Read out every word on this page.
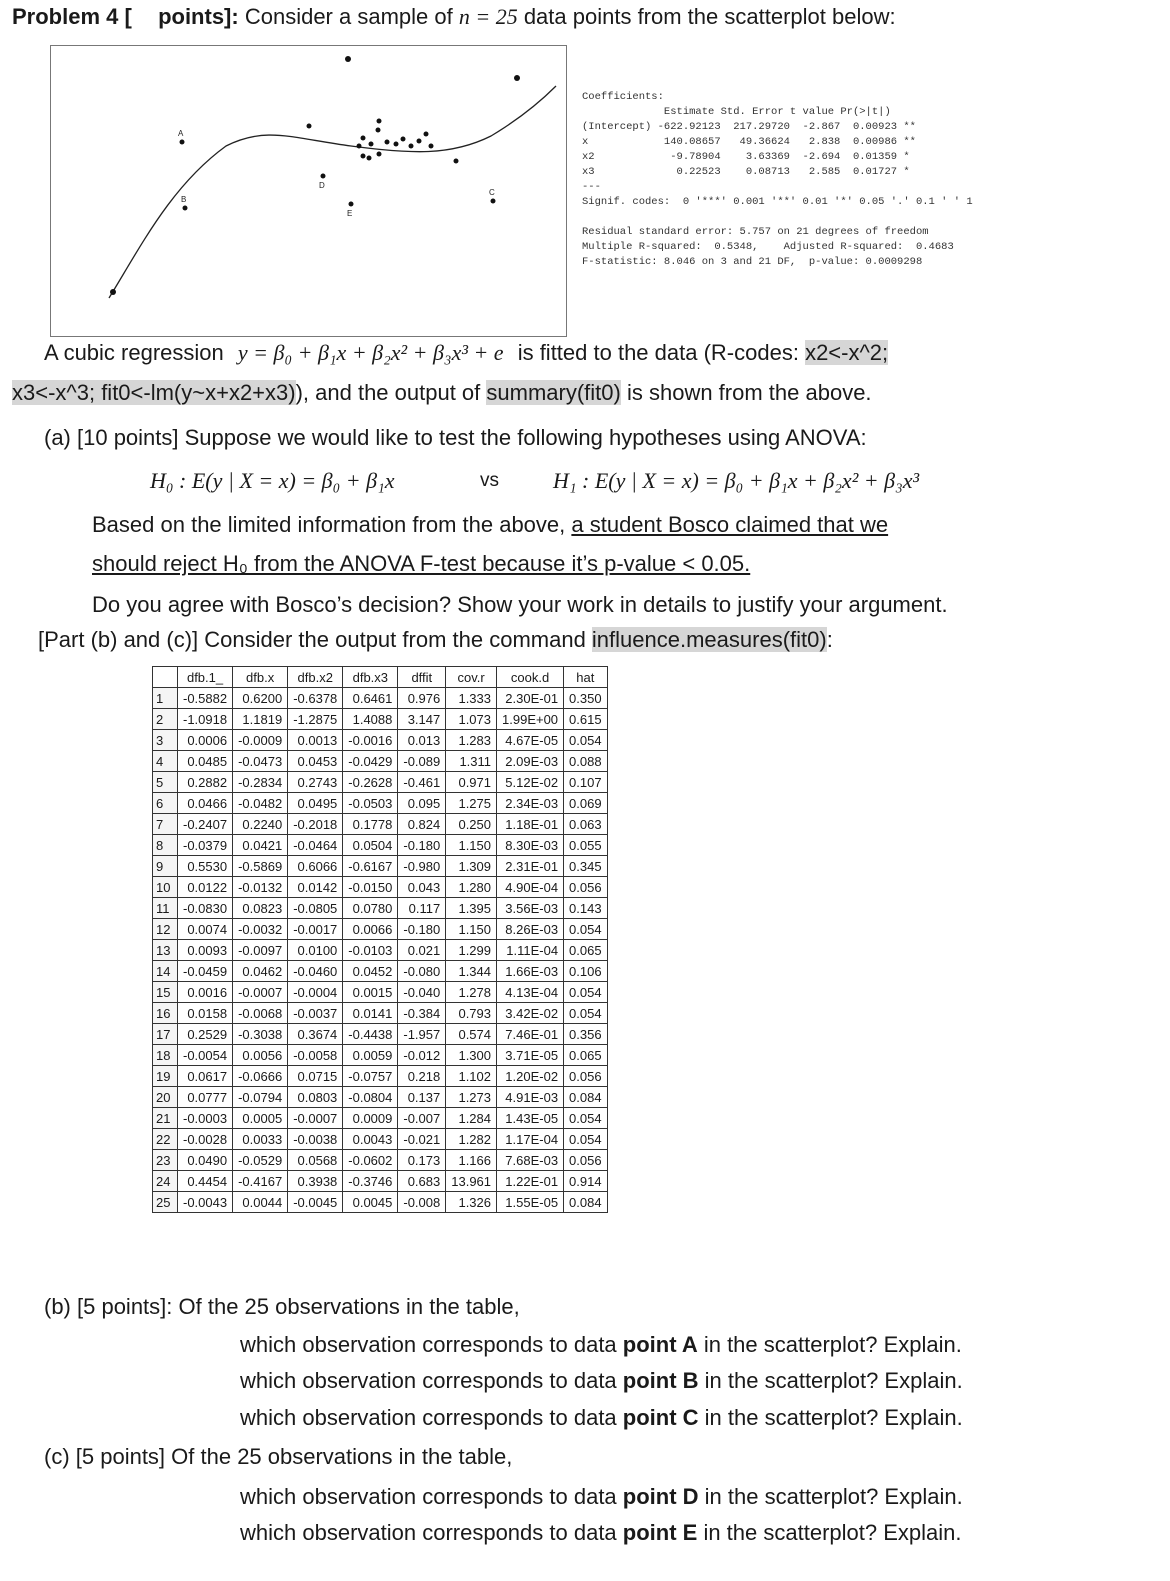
Problem 4 [ points]: Consider a sample of n = 25 data points from the scatterplot below:
A
B
C
D
E
Coefficients:
Estimate Std. Error t value Pr(>|t|)
(Intercept) -622.92123  217.29720  -2.867  0.00923 **
x            140.08657   49.36624   2.838  0.00986 **
x2            -9.78904    3.63369  -2.694  0.01359 *
x3             0.22523    0.08713   2.585  0.01727 *
---
Signif. codes:  0 '***' 0.001 '**' 0.01 '*' 0.05 '.' 0.1 ' ' 1
Residual standard error: 5.757 on 21 degrees of freedom
Multiple R-squared:  0.5348,    Adjusted R-squared:  0.4683
F-statistic: 8.046 on 3 and 21 DF,  p-value: 0.0009298
A cubic regression y = β₀ + β₁x + β₂x² + β₃x³ + e is fitted to the data (R-codes: x2<-x^2;
x3<-x^3; fit0<-lm(y~x+x2+x3)), and the output of summary(fit0) is shown from the above.
(a) [10 points] Suppose we would like to test the following hypotheses using ANOVA:
H₀ : E(y | X = x) = β₀ + β₁x	vs H₁ : E(y | X = x) = β₀ + β₁x + β₂x² + β₃x³
Based on the limited information from the above, a student Bosco claimed that we
should reject H₀ from the ANOVA F-test because it’s p-value < 0.05.
Do you agree with Bosco’s decision? Show your work in details to justify your argument.
[Part (b) and (c)] Consider the output from the command influence.measures(fit0):
	dfb.1_	dfb.x	dfb.x2	dfb.x3	dffit	cov.r	cook.d	hat
1	-0.5882	0.6200	-0.6378	0.6461	0.976	1.333	2.30E-01	0.350
2	-1.0918	1.1819	-1.2875	1.4088	3.147	1.073	1.99E+00	0.615
3	0.0006	-0.0009	0.0013	-0.0016	0.013	1.283	4.67E-05	0.054
4	0.0485	-0.0473	0.0453	-0.0429	-0.089	1.311	2.09E-03	0.088
5	0.2882	-0.2834	0.2743	-0.2628	-0.461	0.971	5.12E-02	0.107
6	0.0466	-0.0482	0.0495	-0.0503	0.095	1.275	2.34E-03	0.069
7	-0.2407	0.2240	-0.2018	0.1778	0.824	0.250	1.18E-01	0.063
8	-0.0379	0.0421	-0.0464	0.0504	-0.180	1.150	8.30E-03	0.055
9	0.5530	-0.5869	0.6066	-0.6167	-0.980	1.309	2.31E-01	0.345
10	0.0122	-0.0132	0.0142	-0.0150	0.043	1.280	4.90E-04	0.056
11	-0.0830	0.0823	-0.0805	0.0780	0.117	1.395	3.56E-03	0.143
12	0.0074	-0.0032	-0.0017	0.0066	-0.180	1.150	8.26E-03	0.054
13	0.0093	-0.0097	0.0100	-0.0103	0.021	1.299	1.11E-04	0.065
14	-0.0459	0.0462	-0.0460	0.0452	-0.080	1.344	1.66E-03	0.106
15	0.0016	-0.0007	-0.0004	0.0015	-0.040	1.278	4.13E-04	0.054
16	0.0158	-0.0068	-0.0037	0.0141	-0.384	0.793	3.42E-02	0.054
17	0.2529	-0.3038	0.3674	-0.4438	-1.957	0.574	7.46E-01	0.356
18	-0.0054	0.0056	-0.0058	0.0059	-0.012	1.300	3.71E-05	0.065
19	0.0617	-0.0666	0.0715	-0.0757	0.218	1.102	1.20E-02	0.056
20	0.0777	-0.0794	0.0803	-0.0804	0.137	1.273	4.91E-03	0.084
21	-0.0003	0.0005	-0.0007	0.0009	-0.007	1.284	1.43E-05	0.054
22	-0.0028	0.0033	-0.0038	0.0043	-0.021	1.282	1.17E-04	0.054
23	0.0490	-0.0529	0.0568	-0.0602	0.173	1.166	7.68E-03	0.056
24	0.4454	-0.4167	0.3938	-0.3746	0.683	13.961	1.22E-01	0.914
25	-0.0043	0.0044	-0.0045	0.0045	-0.008	1.326	1.55E-05	0.084
(b) [5 points]: Of the 25 observations in the table,
which observation corresponds to data point A in the scatterplot? Explain.
which observation corresponds to data point B in the scatterplot? Explain.
which observation corresponds to data point C in the scatterplot? Explain.
(c) [5 points] Of the 25 observations in the table,
which observation corresponds to data point D in the scatterplot? Explain.
which observation corresponds to data point E in the scatterplot? Explain.
